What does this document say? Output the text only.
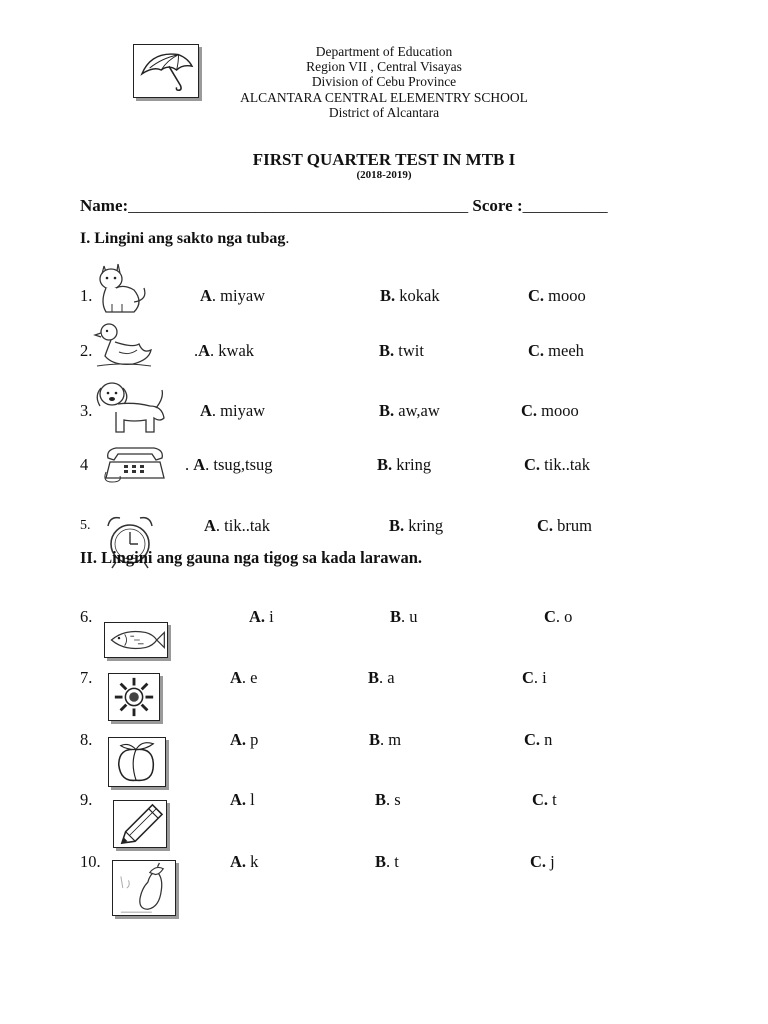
Department of Education
Region VII , Central Visayas
Division of Cebu Province
ALCANTARA CENTRAL ELEMENTRY SCHOOL
District of Alcantara
FIRST QUARTER TEST IN MTB I
(2018-2019)
Name:________________________________________ Score :__________
I. Lingini ang sakto nga tubag.
1.	A. miyaw	B. kokak	C. mooo
2.	.A. kwak	B. twit	C. meeh
3.	A. miyaw	B. aw,aw	C. mooo
4	. A. tsug,tsug	B. kring	C. tik..tak
5.	A. tik..tak	B. kring	C. brum
II. Lingini ang gauna nga tigog sa kada larawan.
6.	A. i	B. u	C. o
7.	A. e	B. a	C. i
8.	A. p	B. m	C. n
9.	A. l	B. s	C. t
10.	A. k	B. t	C. j
